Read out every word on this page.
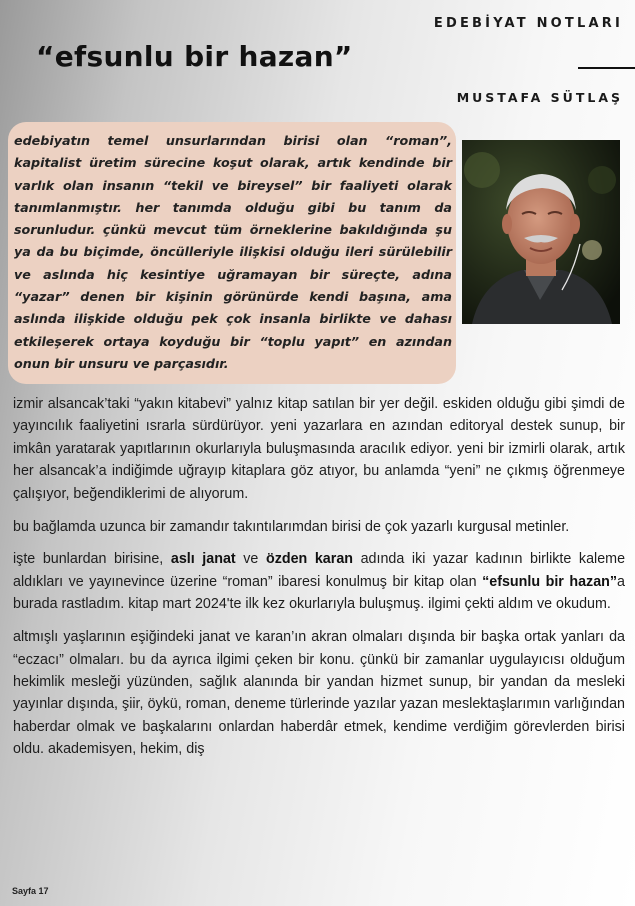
EDEBİYAT NOTLARI
“efsunlu bir hazan”
MUSTAFA SÜTLAŞ
edebiyatın temel unsurlarından birisi olan “roman”, kapitalist üretim sürecine koşut olarak, artık kendinde bir varlık olan insanın “tekil ve bireysel” bir faaliyeti olarak tanımlanmıştır. her tanımda olduğu gibi bu tanım da sorunludur. çünkü mevcut tüm örneklerine bakıldığında şu ya da bu biçimde, öncülleriyle ilişkisi olduğu ileri sürülebilir ve aslında hiç kesintiye uğramayan bir süreçte, adına “yazar” denen bir kişinin görünürde kendi başına, ama aslında ilişkide olduğu pek çok insanla birlikte ve dahası etkileşerek ortaya koyduğu bir “toplu yapıt” en azından onun bir unsuru ve parçasıdır.

izmir alsancak’taki “yakın kitabevi” yalnız kitap satılan bir yer değil. eskiden olduğu gibi şimdi de yayıncılık faaliyetini ısrarla sürdürüyor. yeni yazarlara en azından editoryal destek sunup, bir imkân yaratarak yapıtlarının okurlarıyla buluşmasında aracılık ediyor. yeni bir izmirli olarak, artık her alsancak’a indiğimde uğrayıp kitaplara göz atıyor, bu anlamda “yeni” ne çıkmış öğrenmeye çalışıyor, beğendiklerimi de alıyorum.

bu bağlamda uzunca bir zamandır takıntılarımdan birisi de çok yazarlı kurgusal metinler.

işte bunlardan birisine, aslı janat ve özden karan adında iki yazar kadının birlikte kaleme aldıkları ve yayınevince üzerine “roman” ibaresi konulmuş bir kitap olan “efsunlu bir hazan”a burada rastladım. kitap mart 2024'te ilk kez okurlarıyla buluşmuş. ilgimi çekti aldım ve okudum.

altmışlı yaşlarının eşiğindeki janat ve karan’ın akran olmaları dışında bir başka ortak yanları da “eczacı” olmaları. bu da ayrıca ilgimi çeken bir konu. çünkü bir zamanlar uygulayıcısı olduğum hekimlik mesleği yüzünden, sağlık alanında bir yandan hizmet sunup, bir yandan da mesleki yayınlar dışında, şiir, öykü, roman, deneme türlerinde yazılar yazan meslektaşlarımın varlığından haberdar olmak ve başkalarını onlardan haberdâr etmek, kendime verdiğim görevlerden birisi oldu. akademisyen, hekim, diş

Sayfa 17
